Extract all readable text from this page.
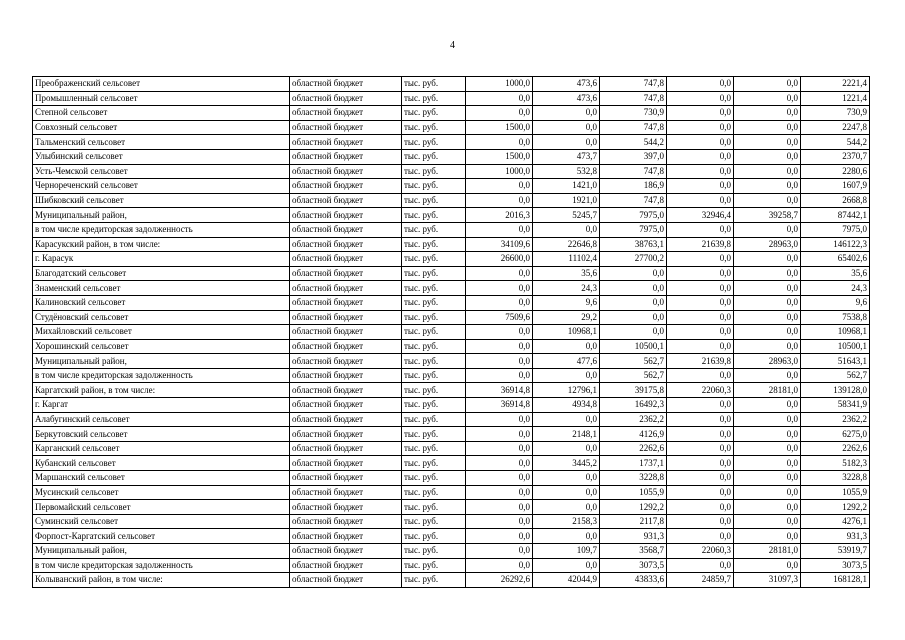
4
Преображенский сельсовет	областной бюджет	тыс. руб.	1000,0	473,6	747,8	0,0	0,0	2221,4
Промышленный сельсовет	областной бюджет	тыс. руб.	0,0	473,6	747,8	0,0	0,0	1221,4
Степной сельсовет	областной бюджет	тыс. руб.	0,0	0,0	730,9	0,0	0,0	730,9
Совхозный сельсовет	областной бюджет	тыс. руб.	1500,0	0,0	747,8	0,0	0,0	2247,8
Тальменский сельсовет	областной бюджет	тыс. руб.	0,0	0,0	544,2	0,0	0,0	544,2
Улыбинский сельсовет	областной бюджет	тыс. руб.	1500,0	473,7	397,0	0,0	0,0	2370,7
Усть-Чемской сельсовет	областной бюджет	тыс. руб.	1000,0	532,8	747,8	0,0	0,0	2280,6
Чернореченский сельсовет	областной бюджет	тыс. руб.	0,0	1421,0	186,9	0,0	0,0	1607,9
Шибковский сельсовет	областной бюджет	тыс. руб.	0,0	1921,0	747,8	0,0	0,0	2668,8
Муниципальный район,	областной бюджет	тыс. руб.	2016,3	5245,7	7975,0	32946,4	39258,7	87442,1
в том числе кредиторская задолженность	областной бюджет	тыс. руб.	0,0	0,0	7975,0	0,0	0,0	7975,0
Карасукский район, в том числе:	областной бюджет	тыс. руб.	34109,6	22646,8	38763,1	21639,8	28963,0	146122,3
г. Карасук	областной бюджет	тыс. руб.	26600,0	11102,4	27700,2	0,0	0,0	65402,6
Благодатский сельсовет	областной бюджет	тыс. руб.	0,0	35,6	0,0	0,0	0,0	35,6
Знаменский сельсовет	областной бюджет	тыс. руб.	0,0	24,3	0,0	0,0	0,0	24,3
Калиновский сельсовет	областной бюджет	тыс. руб.	0,0	9,6	0,0	0,0	0,0	9,6
Студёновский сельсовет	областной бюджет	тыс. руб.	7509,6	29,2	0,0	0,0	0,0	7538,8
Михайловский сельсовет	областной бюджет	тыс. руб.	0,0	10968,1	0,0	0,0	0,0	10968,1
Хорошинский сельсовет	областной бюджет	тыс. руб.	0,0	0,0	10500,1	0,0	0,0	10500,1
Муниципальный район,	областной бюджет	тыс. руб.	0,0	477,6	562,7	21639,8	28963,0	51643,1
в том числе кредиторская задолженность	областной бюджет	тыс. руб.	0,0	0,0	562,7	0,0	0,0	562,7
Каргатский район, в том числе:	областной бюджет	тыс. руб.	36914,8	12796,1	39175,8	22060,3	28181,0	139128,0
г. Каргат	областной бюджет	тыс. руб.	36914,8	4934,8	16492,3	0,0	0,0	58341,9
Алабугинский сельсовет	областной бюджет	тыс. руб.	0,0	0,0	2362,2	0,0	0,0	2362,2
Беркутовский сельсовет	областной бюджет	тыс. руб.	0,0	2148,1	4126,9	0,0	0,0	6275,0
Карганский сельсовет	областной бюджет	тыс. руб.	0,0	0,0	2262,6	0,0	0,0	2262,6
Кубанский сельсовет	областной бюджет	тыс. руб.	0,0	3445,2	1737,1	0,0	0,0	5182,3
Маршанский сельсовет	областной бюджет	тыс. руб.	0,0	0,0	3228,8	0,0	0,0	3228,8
Мусинский сельсовет	областной бюджет	тыс. руб.	0,0	0,0	1055,9	0,0	0,0	1055,9
Первомайский сельсовет	областной бюджет	тыс. руб.	0,0	0,0	1292,2	0,0	0,0	1292,2
Суминский сельсовет	областной бюджет	тыс. руб.	0,0	2158,3	2117,8	0,0	0,0	4276,1
Форпост-Каргатский сельсовет	областной бюджет	тыс. руб.	0,0	0,0	931,3	0,0	0,0	931,3
Муниципальный район,	областной бюджет	тыс. руб.	0,0	109,7	3568,7	22060,3	28181,0	53919,7
в том числе кредиторская задолженность	областной бюджет	тыс. руб.	0,0	0,0	3073,5	0,0	0,0	3073,5
Колыванский район, в том числе:	областной бюджет	тыс. руб.	26292,6	42044,9	43833,6	24859,7	31097,3	168128,1
